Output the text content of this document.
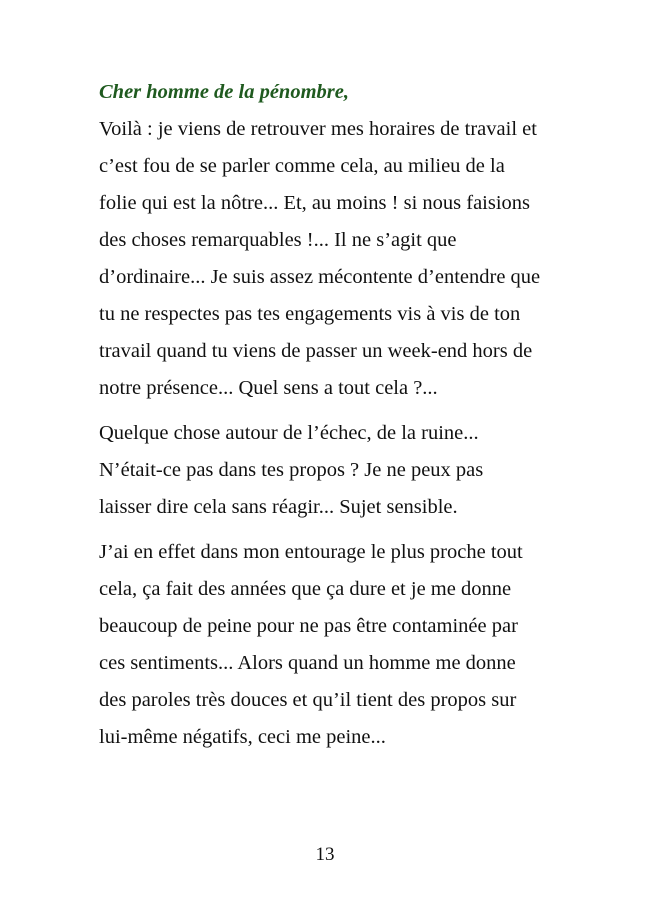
Cher homme de la pénombre,

Voilà : je viens de retrouver mes horaires de travail et
c’est fou de se parler comme cela, au milieu de la
folie qui est la nôtre... Et, au moins ! si nous faisions
des choses remarquables !... Il ne s’agit que
d’ordinaire... Je suis assez mécontente d’entendre que
tu ne respectes pas tes engagements vis à vis de ton
travail quand tu viens de passer un week-end hors de
notre présence... Quel sens a tout cela ?...

Quelque chose autour de l’échec, de la ruine...
N’était-ce pas dans tes propos ? Je ne peux pas
laisser dire cela sans réagir... Sujet sensible.

J’ai en effet dans mon entourage le plus proche tout
cela, ça fait des années que ça dure et je me donne
beaucoup de peine pour ne pas être contaminée par
ces sentiments... Alors quand un homme me donne
des paroles très douces et qu’il tient des propos sur
lui-même négatifs, ceci me peine...

13
